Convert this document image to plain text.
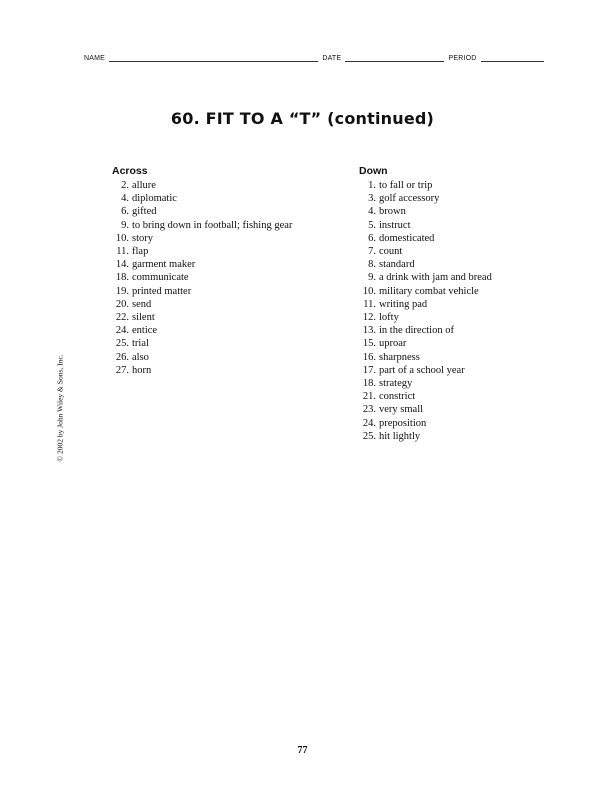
NAME	DATE	PERIOD
60. FIT TO A “T” (continued)
Across
2. allure
4. diplomatic
6. gifted
9. to bring down in football; fishing gear
10. story
11. flap
14. garment maker
18. communicate
19. printed matter
20. send
22. silent
24. entice
25. trial
26. also
27. horn
Down
1. to fall or trip
3. golf accessory
4. brown
5. instruct
6. domesticated
7. count
8. standard
9. a drink with jam and bread
10. military combat vehicle
11. writing pad
12. lofty
13. in the direction of
15. uproar
16. sharpness
17. part of a school year
18. strategy
21. constrict
23. very small
24. preposition
25. hit lightly
© 2002 by John Wiley & Sons, Inc.
77
